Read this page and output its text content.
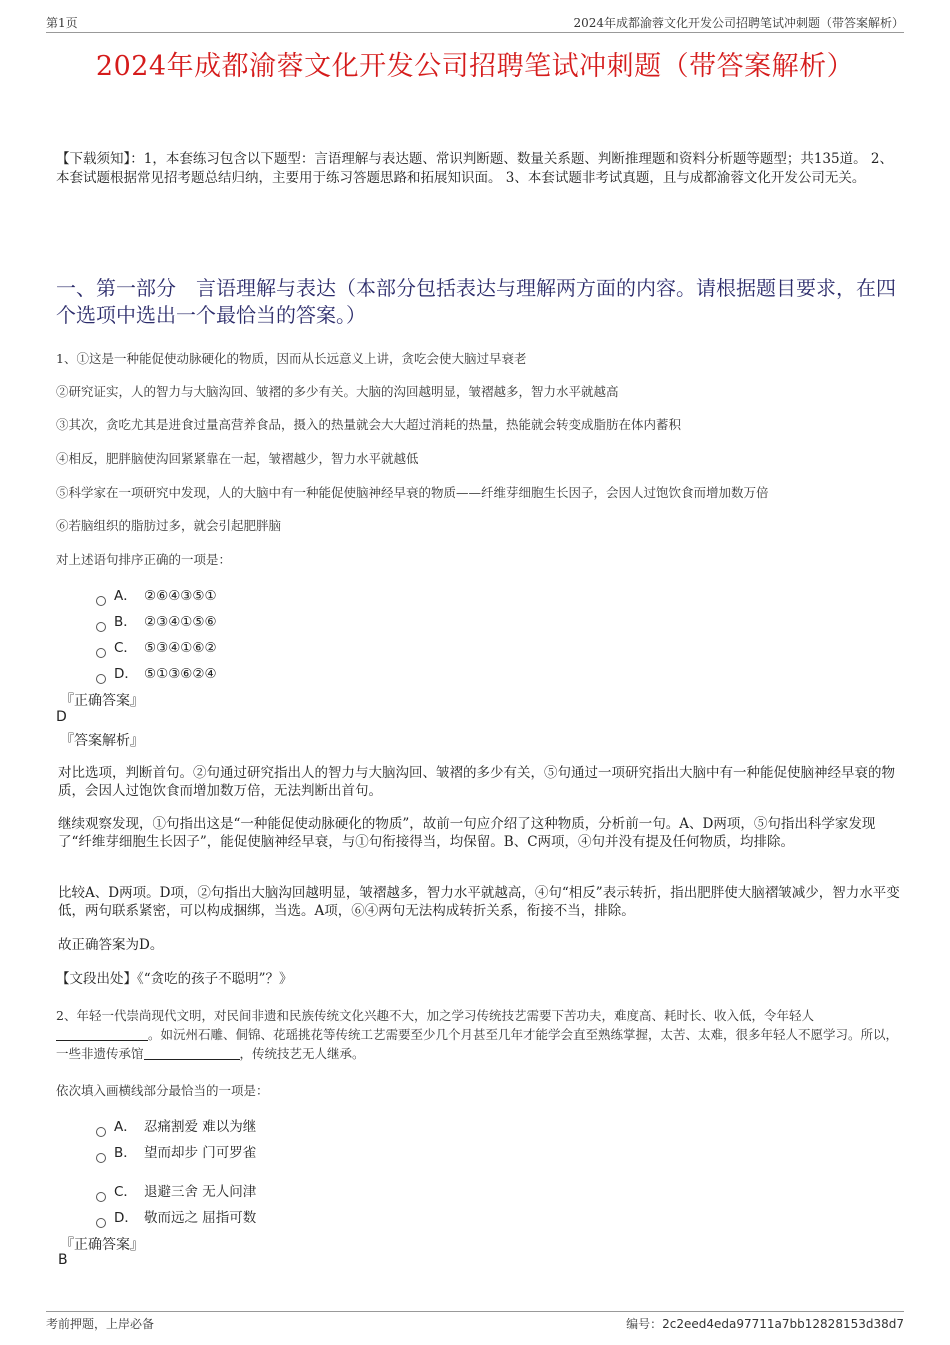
第1页	2024年成都渝蓉文化开发公司招聘笔试冲刺题（带答案解析）
2024年成都渝蓉文化开发公司招聘笔试冲刺题（带答案解析）
【下载须知】：1，本套练习包含以下题型：言语理解与表达题、常识判断题、数量关系题、判断推理题和资料分析题等题型；共135道。 2、本套试题根据常见招考题总结归纳，主要用于练习答题思路和拓展知识面。 3、本套试题非考试真题，且与成都渝蓉文化开发公司无关。
一、第一部分　言语理解与表达（本部分包括表达与理解两方面的内容。请根据题目要求，在四个选项中选出一个最恰当的答案。）
1、①这是一种能促使动脉硬化的物质，因而从长远意义上讲，贪吃会使大脑过早衰老
②研究证实，人的智力与大脑沟回、皱褶的多少有关。大脑的沟回越明显，皱褶越多，智力水平就越高
③其次，贪吃尤其是进食过量高营养食品，摄入的热量就会大大超过消耗的热量，热能就会转变成脂肪在体内蓄积
④相反，肥胖脑使沟回紧紧靠在一起，皱褶越少，智力水平就越低
⑤科学家在一项研究中发现，人的大脑中有一种能促使脑神经早衰的物质——纤维芽细胞生长因子，会因人过饱饮食而增加数万倍
⑥若脑组织的脂肪过多，就会引起肥胖脑
对上述语句排序正确的一项是：
A． ②⑥④③⑤①
B． ②③④①⑤⑥
C． ⑤③④①⑥②
D． ⑤①③⑥②④
『正确答案』
D
『答案解析』
对比选项，判断首句。②句通过研究指出人的智力与大脑沟回、皱褶的多少有关，⑤句通过一项研究指出大脑中有一种能促使脑神经早衰的物质，会因人过饱饮食而增加数万倍，无法判断出首句。
继续观察发现，①句指出这是“一种能促使动脉硬化的物质”，故前一句应介绍了这种物质，分析前一句。A、D两项，⑤句指出科学家发现了“纤维芽细胞生长因子”，能促使脑神经早衰，与①句衔接得当，均保留。B、C两项，④句并没有提及任何物质，均排除。
比较A、D两项。D项，②句指出大脑沟回越明显，皱褶越多，智力水平就越高，④句“相反”表示转折，指出肥胖使大脑褶皱减少，智力水平变低，两句联系紧密，可以构成捆绑，当选。A项，⑥④两句无法构成转折关系，衔接不当，排除。
故正确答案为D。
【文段出处】《“贪吃的孩子不聪明”？》
2、年轻一代崇尚现代文明，对民间非遗和民族传统文化兴趣不大，加之学习传统技艺需要下苦功夫，难度高、耗时长、收入低，令年轻人。如沅州石雕、侗锦、花瑶挑花等传统工艺需要至少几个月甚至几年才能学会直至熟练掌握，太苦、太难，很多年轻人不愿学习。所以，一些非遗传承馆	，传统技艺无人继承。
依次填入画横线部分最恰当的一项是：
A． 忍痛割爱 难以为继
B． 望而却步 门可罗雀
C． 退避三舍 无人问津
D． 敬而远之 屈指可数
『正确答案』
B
考前押题，上岸必备	编号：2c2eed4eda97711a7bb12828153d38d7
